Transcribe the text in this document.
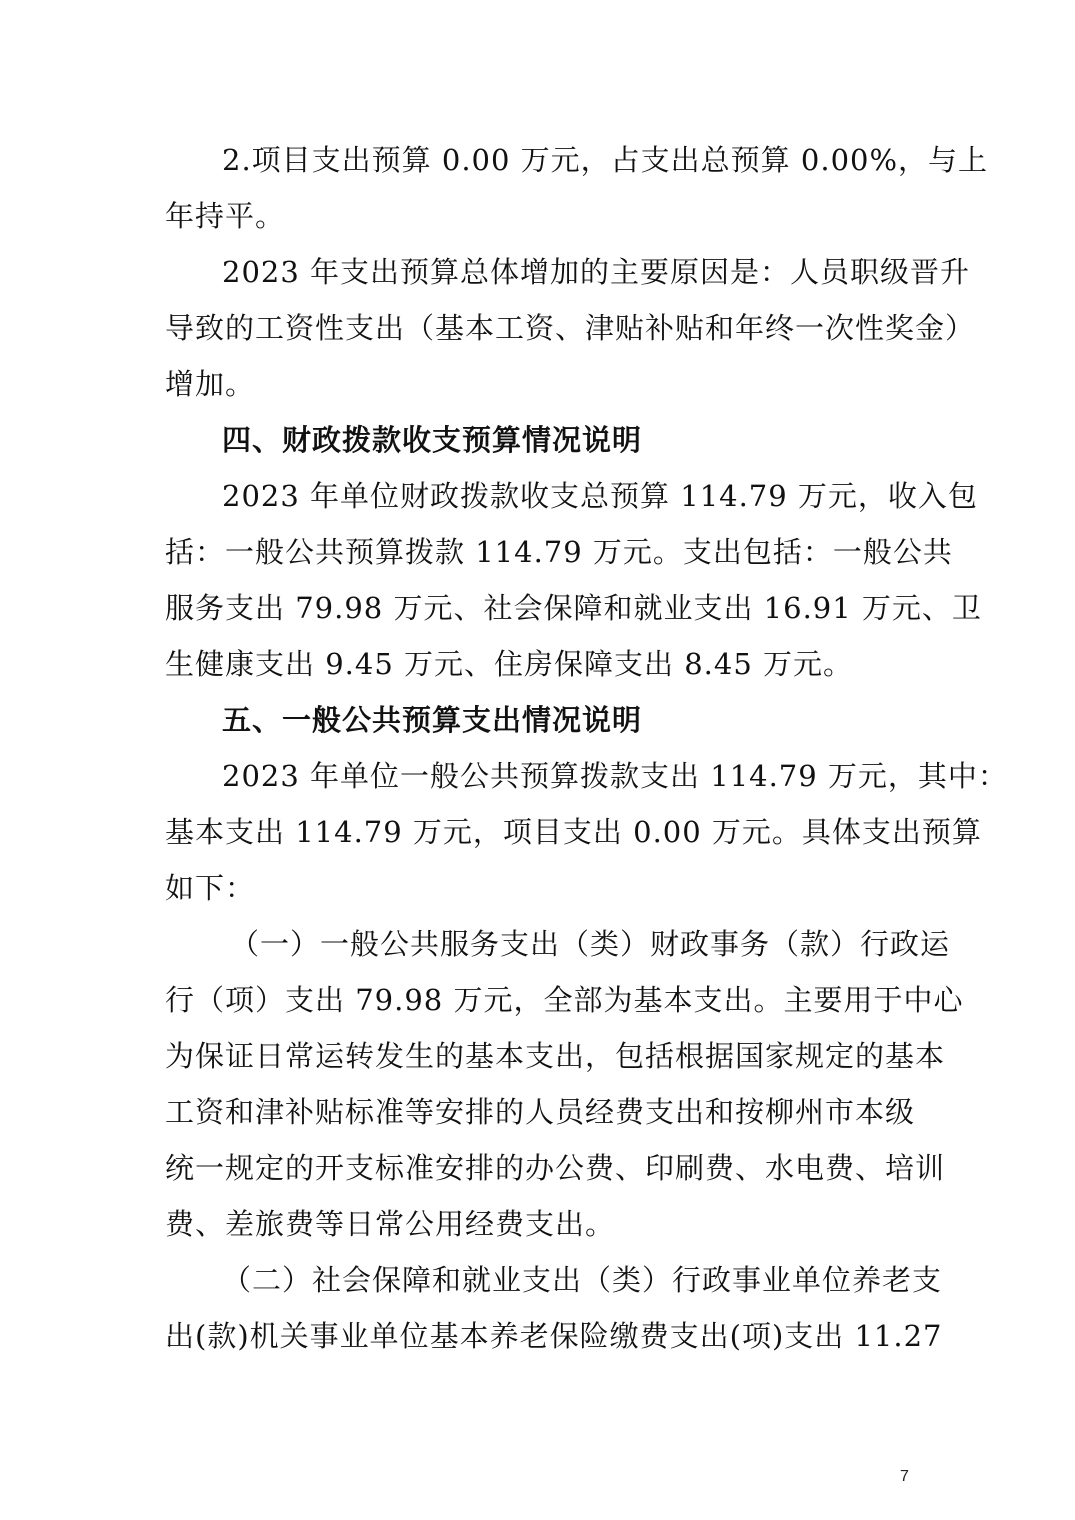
2.项目支出预算 0.00 万元，占支出总预算 0.00%，与上
年持平。
2023 年支出预算总体增加的主要原因是：人员职级晋升
导致的工资性支出（基本工资、津贴补贴和年终一次性奖金）
增加。
四、财政拨款收支预算情况说明
2023 年单位财政拨款收支总预算 114.79 万元，收入包
括：一般公共预算拨款 114.79 万元。支出包括：一般公共
服务支出 79.98 万元、社会保障和就业支出 16.91 万元、卫
生健康支出 9.45 万元、住房保障支出 8.45 万元。
五、一般公共预算支出情况说明
2023 年单位一般公共预算拨款支出 114.79 万元，其中：
基本支出 114.79 万元，项目支出 0.00 万元。具体支出预算
如下：
（一）一般公共服务支出（类）财政事务（款）行政运
行（项）支出 79.98 万元，全部为基本支出。主要用于中心
为保证日常运转发生的基本支出，包括根据国家规定的基本
工资和津补贴标准等安排的人员经费支出和按柳州市本级
统一规定的开支标准安排的办公费、印刷费、水电费、培训
费、差旅费等日常公用经费支出。
（二）社会保障和就业支出（类）行政事业单位养老支
出(款)机关事业单位基本养老保险缴费支出(项)支出 11.27
7
